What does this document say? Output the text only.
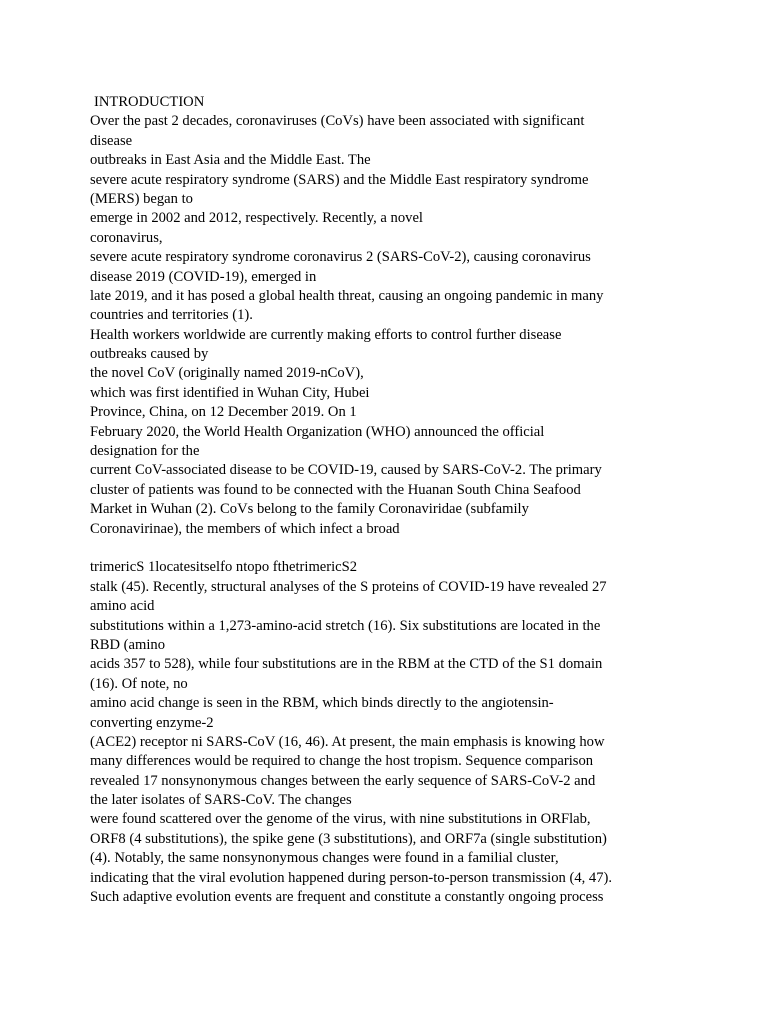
INTRODUCTION
Over the past 2 decades, coronaviruses (CoVs) have been associated with significant
disease
outbreaks in East Asia and the Middle East. The
severe acute respiratory syndrome (SARS) and the Middle East respiratory syndrome
(MERS) began to
emerge in 2002 and 2012, respectively. Recently, a novel
coronavirus,
severe acute respiratory syndrome coronavirus 2 (SARS-CoV-2), causing coronavirus
disease 2019 (COVID-19), emerged in
late 2019, and it has posed a global health threat, causing an ongoing pandemic in many
countries and territories (1).
Health workers worldwide are currently making efforts to control further disease
outbreaks caused by
the novel CoV (originally named 2019-nCoV),
which was first identified in Wuhan City, Hubei
Province, China, on 12 December 2019. On 1
February 2020, the World Health Organization (WHO) announced the official
designation for the
current CoV-associated disease to be COVID-19, caused by SARS-CoV-2. The primary
cluster of patients was found to be connected with the Huanan South China Seafood
Market in Wuhan (2). CoVs belong to the family Coronaviridae (subfamily
Coronavirinae), the members of which infect a broad
trimericS 1locatesitselfo ntopo fthetrimericS2
stalk (45). Recently, structural analyses of the S proteins of COVID-19 have revealed 27
amino acid
substitutions within a 1,273-amino-acid stretch (16). Six substitutions are located in the
RBD (amino
acids 357 to 528), while four substitutions are in the RBM at the CTD of the S1 domain
(16). Of note, no
amino acid change is seen in the RBM, which binds directly to the angiotensin-
converting enzyme-2
(ACE2) receptor ni SARS-CoV (16, 46). At present, the main emphasis is knowing how
many differences would be required to change the host tropism. Sequence comparison
revealed 17 nonsynonymous changes between the early sequence of SARS-CoV-2 and
the later isolates of SARS-CoV. The changes
were found scattered over the genome of the virus, with nine substitutions in ORFlab,
ORF8 (4 substitutions), the spike gene (3 substitutions), and ORF7a (single substitution)
(4). Notably, the same nonsynonymous changes were found in a familial cluster,
indicating that the viral evolution happened during person-to-person transmission (4, 47).
Such adaptive evolution events are frequent and constitute a constantly ongoing process
